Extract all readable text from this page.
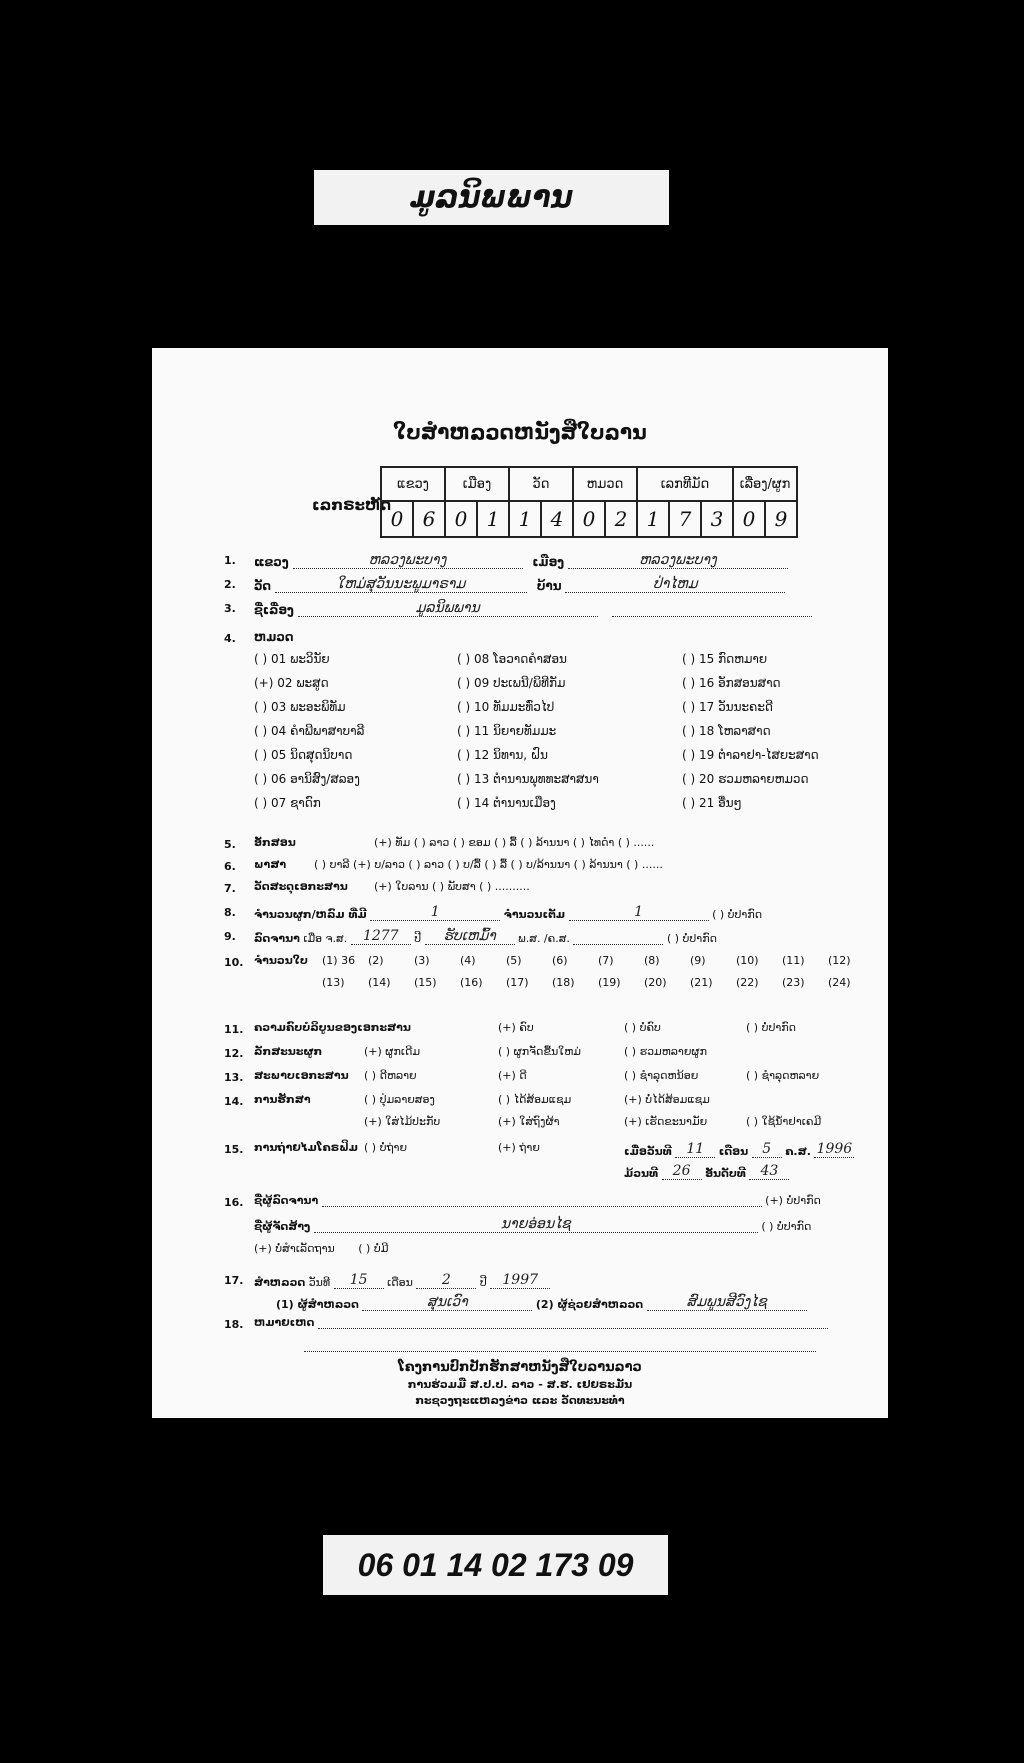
ມູລນິພພານ
ໃບສຳຫລວດຫນັງສືໃບລານ
ເລກຣະຫັດ
ແຂວງ		ເມືອງ		ວັດ		ຫມວດ		ເລກທີມັດ			ເລື່ອງ/ຜູກ	
0	6	0	1	1	4	0	2	1	7	3	0	9
1. ແຂວງ	ຫລວງພະບາງ	ເມືອງ	ຫລວງພະບາງ
2. ວັດ	ໃຫມ່ສຸວັນນະພູມາຣາມ	ບ້ານ	ປ່າໄຫມ
3. ຊື່ເລື່ອງ	ມູລນິພພານ
4. ຫມວດ
( ) 01 ພະວິນັຍ	( ) 08 ໂອວາດຄຳສອນ	( ) 15 ກົດຫມາຍ
(+) 02 ພະສູດ	( ) 09 ປະເພນີ/ພິທີກັມ	( ) 16 ອັກສອນສາດ
( ) 03 ພະອະພິທັມ	( ) 10 ທັມມະທົ່ວໄປ	( ) 17 ວັນນະຄະດີ
( ) 04 ຄຳພີພາສາບາລີ	( ) 11 ນິຍາຍທັມມະ	( ) 18 ໂຫລາສາດ
( ) 05 ນິດສຸດນິບາດ	( ) 12 ນິທານ, ຝົນ	( ) 19 ຕຳລາຢາ-ໄສຍະສາດ
( ) 06 ອານິສົງ/ສລອງ	( ) 13 ຕຳນານພຸທທະສາສນາ	( ) 20 ຮວມຫລາຍຫມວດ
( ) 07 ຊາດົກ	( ) 14 ຕຳນານເມືອງ	( ) 21 ອື່ນໆ
5. ອັກສອນ	(+) ທັມ ( ) ລາວ ( ) ຂອມ ( ) ລື້ ( ) ລ້ານນາ ( ) ໄທດຳ ( ) ......
6. ພາສາ	( ) ບາລີ (+) ບ/ລາວ ( ) ລາວ ( ) ບ/ລື້ ( ) ລື້ ( ) ບ/ລ້ານນາ ( ) ລ້ານນາ ( ) ......
7. ວັດສະດຸເອກະສານ (+) ໃບລານ ( ) ພັບສາ ( ) ..........
8. ຈຳນວນຜູກ/ຫລົມ ທີ່ມີ	1	ຈຳນວນເຕັມ	1	( ) ບໍ່ປາກົດ
9. ລົດຈານາ ເມື່ອ ຈ.ສ. 1277 ປີ ຮັບເຫມົ້າ ພ.ສ. /ຄ.ສ.	( ) ບໍ່ປາກົດ
10. ຈຳນວນໃບ (1) 36	(2)	(3)	(4)	(5)	(6)	(7)	(8)	(9)	(10)	(11)	(12)
(13)	(14)	(15)	(16)	(17)	(18)	(19)	(20)	(21)	(22)	(23)	(24)
11. ຄວາມຄົບບໍລິບູນຂອງເອກະສານ	(+) ຄົບ	( ) ບໍ່ຄົບ	( ) ບໍ່ປາກົດ
12. ລັກສະນະຜູກ	(+) ຜູກເດີມ	( ) ຜູກຈັດຂື້ນໃຫມ່	( ) ຮວມຫລາຍຜູກ
13. ສະພາບເອກະສານ ( ) ດີຫລາຍ	(+) ດີ	( ) ຊຳລຸດຫນ້ອຍ	( ) ຊຳລຸດຫລາຍ
14. ການຮັກສາ	( ) ປຸ່ມລາຍສອງ	( ) ໄດ້ສ້ອມແຊມ	(+) ບໍ່ໄດ້ສ້ອມແຊມ
(+) ໃສ່ໄມ້ປະກັບ	(+) ໃສ່ຖົງຜ້າ	(+) ເຮັດຂະນາມັຍ	( ) ໃຊ້ນ້ຳຢາເຄມີ
15. ການຖ່າຍໄມໂຄຣຟິມ ( ) ບໍ່ຖ່າຍ	(+) ຖ່າຍ	ເມື່ອວັນທີ 11 ເດືອນ 5 ຄ.ສ. 1996
ມ້ວນທີ 26 ອັນດັບທີ 43
16. ຊື່ຜູ້ລົດຈານາ	(+) ບໍ່ປາກົດ
ຊື່ຜູ້ຈັດສ້າງ	ນາຍອ່ອນໄຊ	( ) ບໍ່ປາກົດ
(+) ບໍ່ສຳເລັດຖານ ( ) ບໍ່ມີ
17. ສຳຫລວດ ວັນທີ 15 ເດືອນ 2	ປີ 1997
(1) ຜູ້ສຳຫລວດ	ສຸນເວົາ	(2) ຜູ້ຊ່ວຍສຳຫລວດ	ສົມພູນສີວົງໄຊ
18. ຫມາຍເຫດ
ໂຄງການປົກປັກຮັກສາຫນັງສືໃບລານລາວ
ການຮ່ວມມື ສ.ປ.ປ. ລາວ - ສ.ຮ. ເຢຍຣະມັນ
ກະຊວງຖະແຫລງຂ່າວ ແລະ ວັດທະນະທຳ
06 01 14 02 173 09
